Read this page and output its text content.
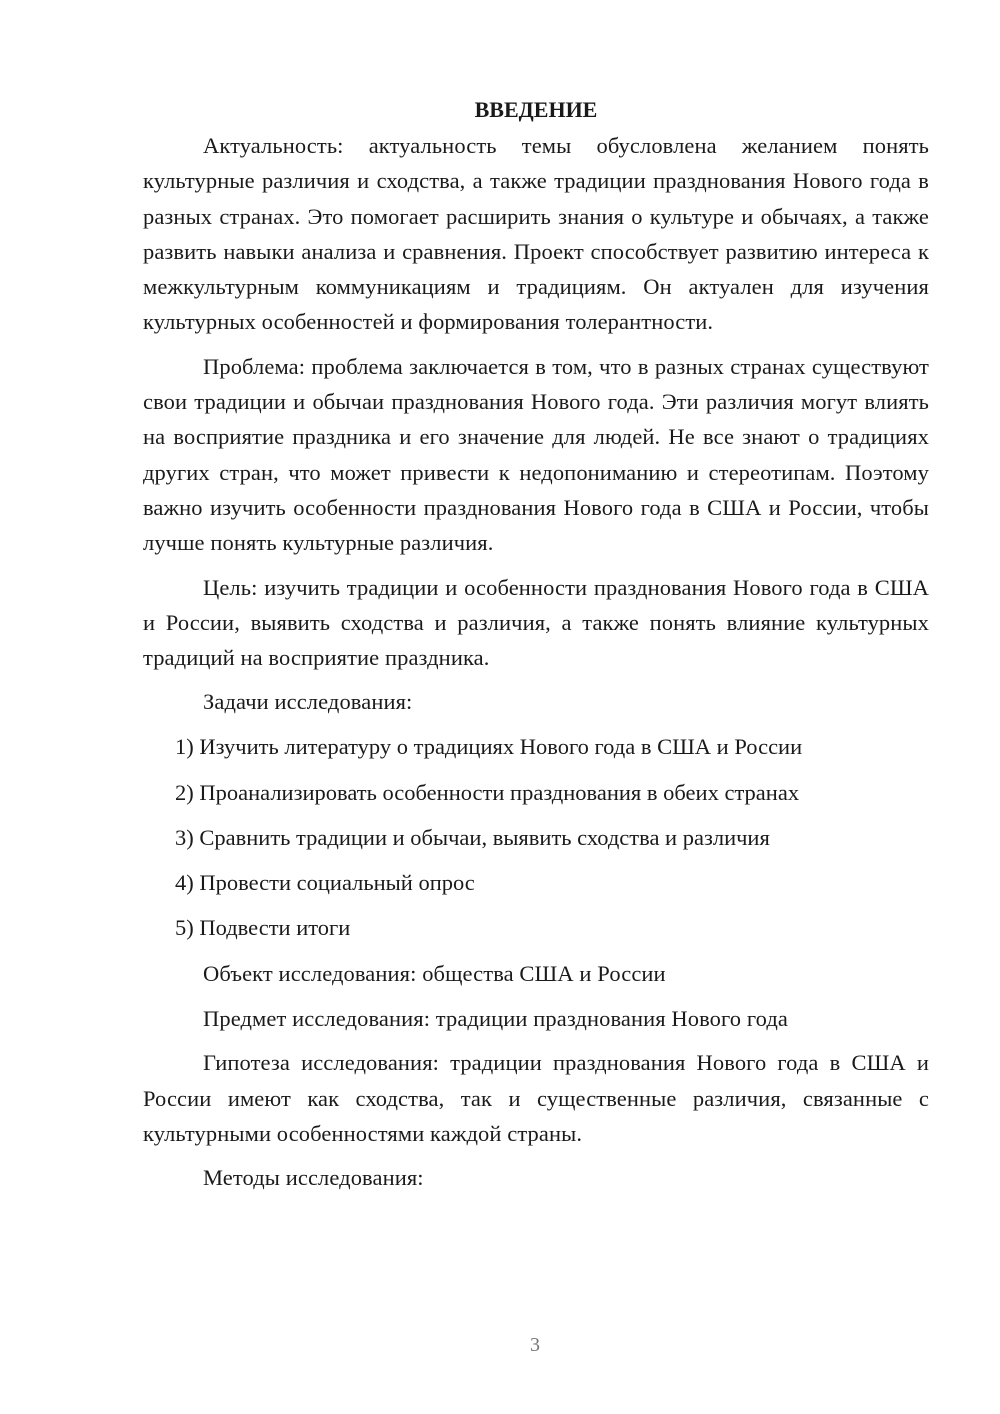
ВВЕДЕНИЕ

Актуальность: актуальность темы обусловлена желанием понять культурные различия и сходства, а также традиции празднования Нового года в разных странах. Это помогает расширить знания о культуре и обычаях, а также развить навыки анализа и сравнения. Проект способствует развитию интереса к межкультурным коммуникациям и традициям. Он актуален для изучения культурных особенностей и формирования толерантности.

Проблема: проблема заключается в том, что в разных странах существуют свои традиции и обычаи празднования Нового года. Эти различия могут влиять на восприятие праздника и его значение для людей. Не все знают о традициях других стран, что может привести к недопониманию и стереотипам. Поэтому важно изучить особенности празднования Нового года в США и России, чтобы лучше понять культурные различия.

Цель: изучить традиции и особенности празднования Нового года в США и России, выявить сходства и различия, а также понять влияние культурных традиций на восприятие праздника.

Задачи исследования:

1) Изучить литературу о традициях Нового года в США и России
2) Проанализировать особенности празднования в обеих странах
3) Сравнить традиции и обычаи, выявить сходства и различия
4) Провести социальный опрос
5) Подвести итоги

Объект исследования: общества США и России

Предмет исследования: традиции празднования Нового года

Гипотеза исследования: традиции празднования Нового года в США и России имеют как сходства, так и существенные различия, связанные с культурными особенностями каждой страны.

Методы исследования:

3
